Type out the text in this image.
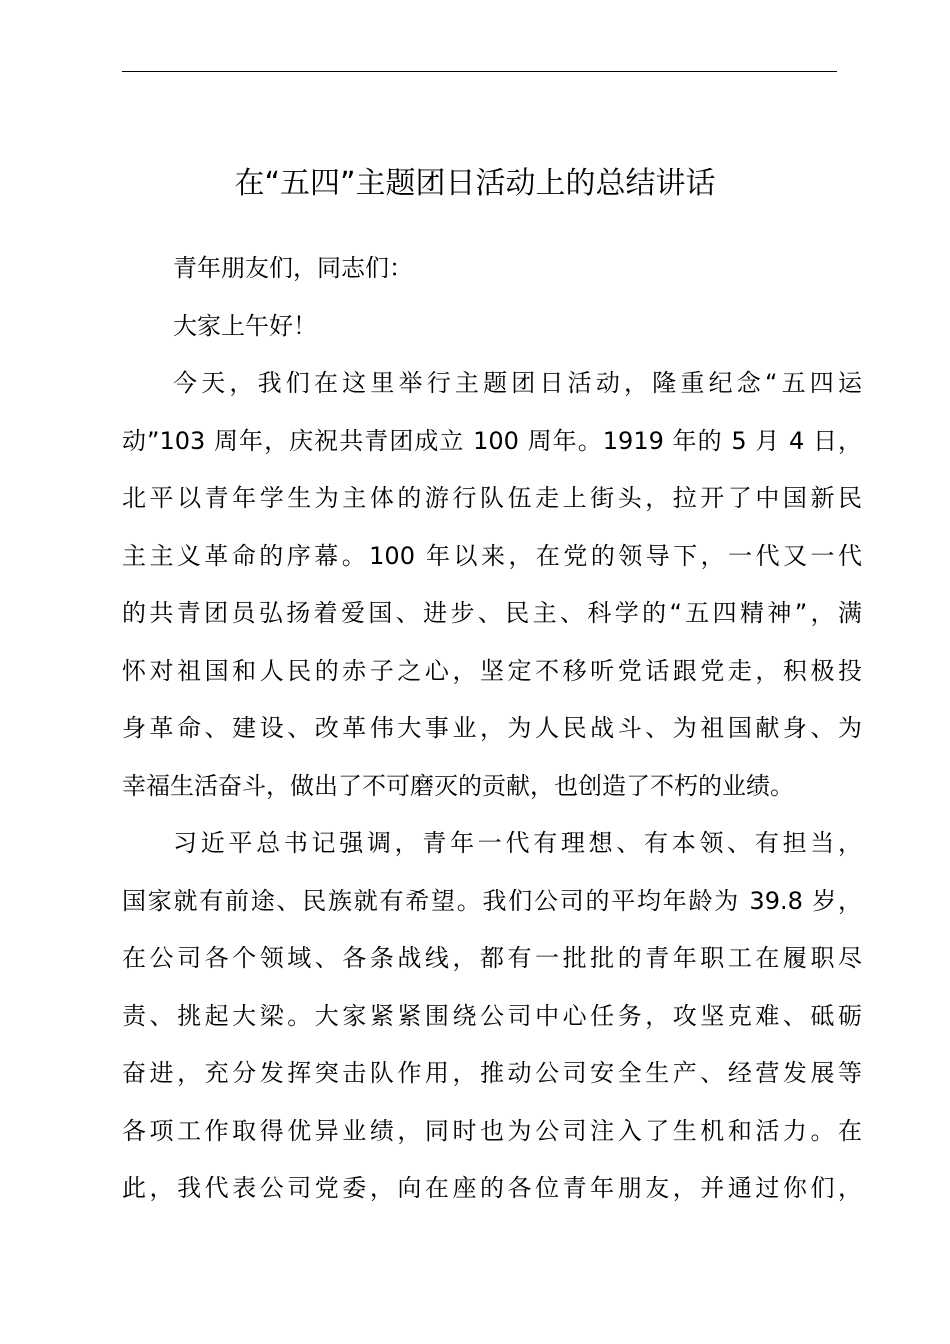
在“五四”主题团日活动上的总结讲话
青年朋友们，同志们：
大家上午好！
今天，我们在这里举行主题团日活动，隆重纪念“五四运
动”103 周年，庆祝共青团成立 100 周年。1919 年的 5 月 4 日，
北平以青年学生为主体的游行队伍走上街头，拉开了中国新民
主主义革命的序幕。100 年以来，在党的领导下，一代又一代
的共青团员弘扬着爱国、进步、民主、科学的“五四精神”，满
怀对祖国和人民的赤子之心，坚定不移听党话跟党走，积极投
身革命、建设、改革伟大事业，为人民战斗、为祖国献身、为
幸福生活奋斗，做出了不可磨灭的贡献，也创造了不朽的业绩。
习近平总书记强调，青年一代有理想、有本领、有担当，
国家就有前途、民族就有希望。我们公司的平均年龄为 39.8 岁，
在公司各个领域、各条战线，都有一批批的青年职工在履职尽
责、挑起大梁。大家紧紧围绕公司中心任务，攻坚克难、砥砺
奋进，充分发挥突击队作用，推动公司安全生产、经营发展等
各项工作取得优异业绩，同时也为公司注入了生机和活力。在
此，我代表公司党委，向在座的各位青年朋友，并通过你们，
